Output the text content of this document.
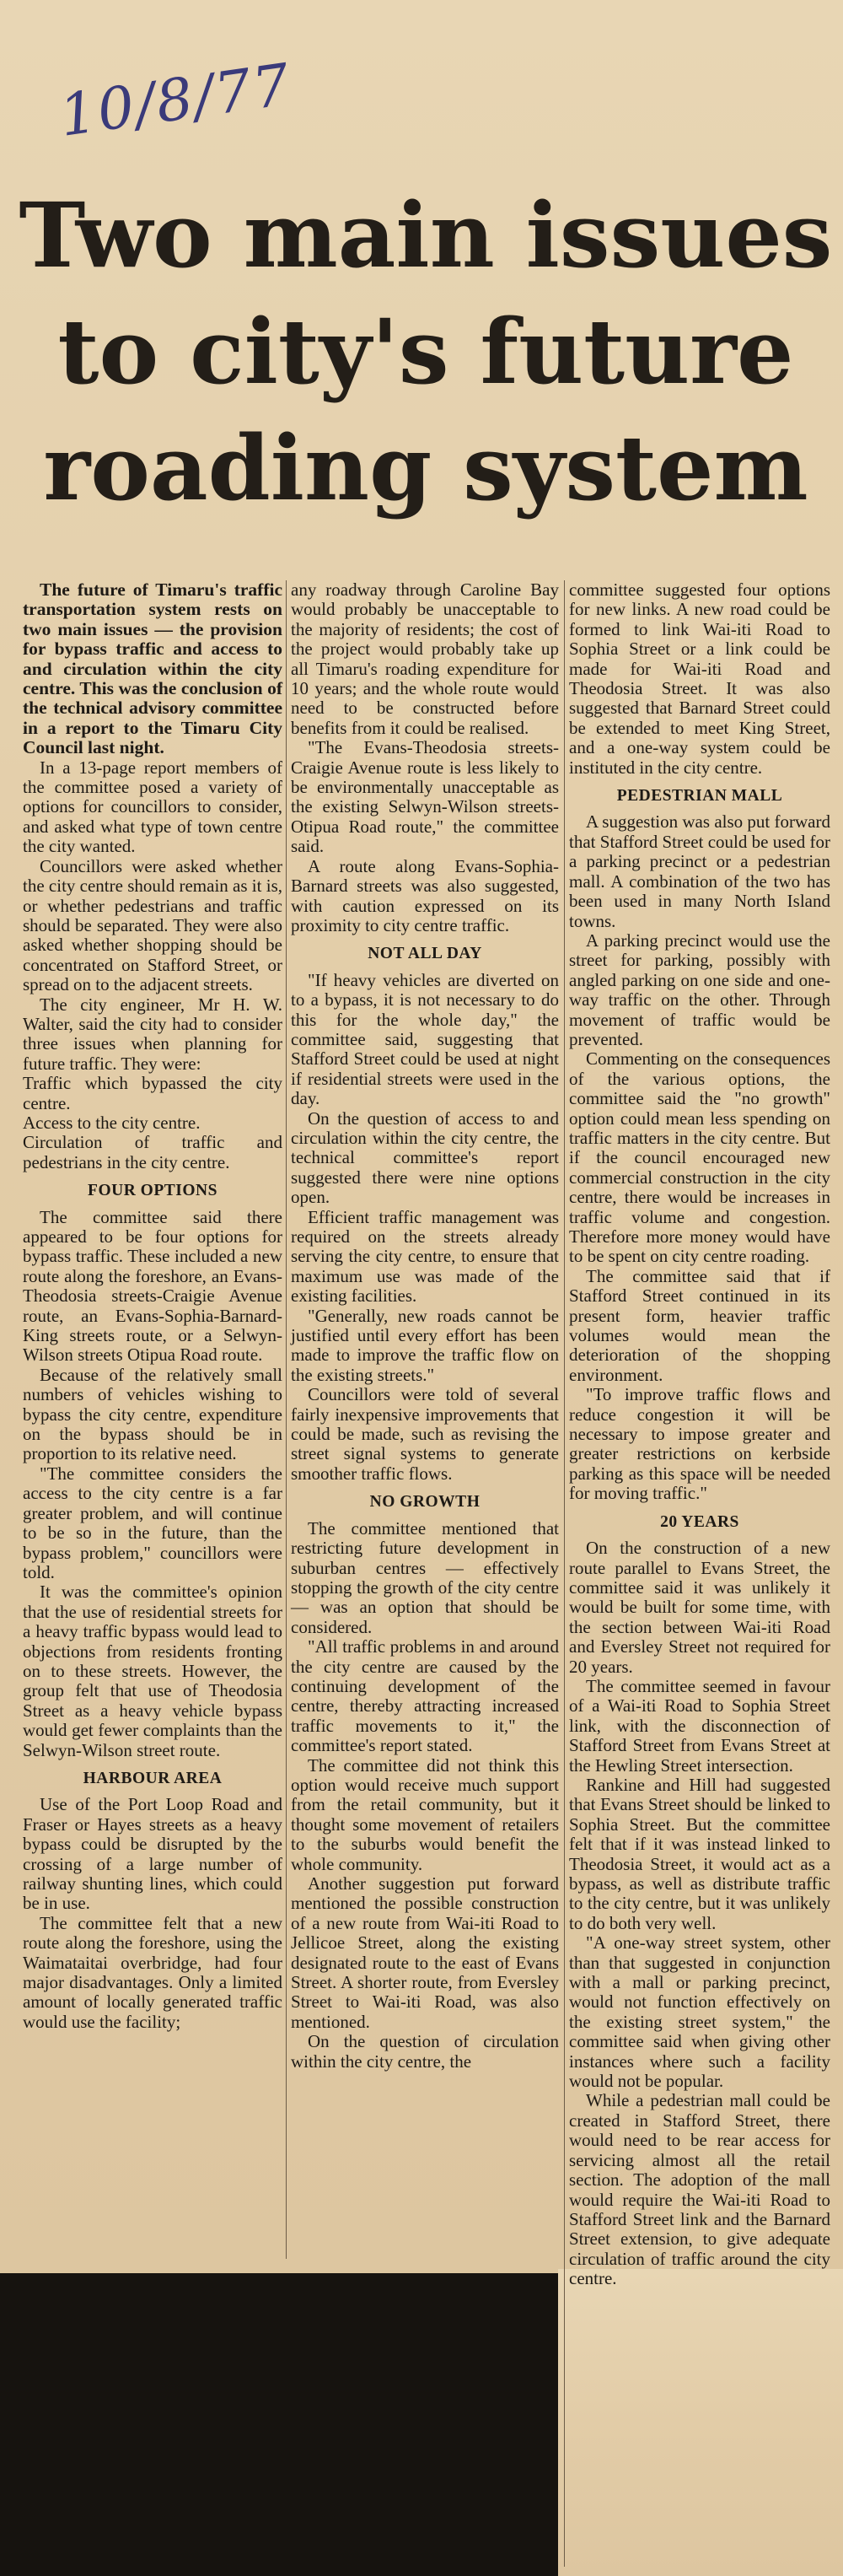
10/8/77
Two main issues
to city's future
roading system

The future of Timaru's traffic transportation system rests on two main issues — the provision for bypass traffic and access to and circulation within the city centre. This was the conclusion of the technical advisory committee in a report to the Timaru City Council last night.

In a 13-page report members of the committee posed a variety of options for councillors to consider, and asked what type of town centre the city wanted.

Councillors were asked whether the city centre should remain as it is, or whether pedestrians and traffic should be separated. They were also asked whether shopping should be concentrated on Stafford Street, or spread on to the adjacent streets.

The city engineer, Mr H. W. Walter, said the city had to consider three issues when planning for future traffic. They were:

Traffic which bypassed the city centre.

Access to the city centre.

Circulation of traffic and pedestrians in the city centre.

FOUR OPTIONS

The committee said there appeared to be four options for bypass traffic. These included a new route along the foreshore, an Evans-Theodosia streets-Craigie Avenue route, an Evans-Sophia-Barnard-King streets route, or a Selwyn-Wilson streets Otipua Road route.

Because of the relatively small numbers of vehicles wishing to bypass the city centre, expenditure on the bypass should be in proportion to its relative need.

"The committee considers the access to the city centre is a far greater problem, and will continue to be so in the future, than the bypass problem," councillors were told.

It was the committee's opinion that the use of residential streets for a heavy traffic bypass would lead to objections from residents fronting on to these streets. However, the group felt that use of Theodosia Street as a heavy vehicle bypass would get fewer complaints than the Selwyn-Wilson street route.

HARBOUR AREA

Use of the Port Loop Road and Fraser or Hayes streets as a heavy bypass could be disrupted by the crossing of a large number of railway shunting lines, which could be in use.

The committee felt that a new route along the foreshore, using the Waimataitai overbridge, had four major disadvantages. Only a limited amount of locally generated traffic would use the facility;

any roadway through Caroline Bay would probably be unacceptable to the majority of residents; the cost of the project would probably take up all Timaru's roading expenditure for 10 years; and the whole route would need to be constructed before benefits from it could be realised.

"The Evans-Theodosia streets-Craigie Avenue route is less likely to be environmentally unacceptable as the existing Selwyn-Wilson streets-Otipua Road route," the committee said.

A route along Evans-Sophia-Barnard streets was also suggested, with caution expressed on its proximity to city centre traffic.

NOT ALL DAY

"If heavy vehicles are diverted on to a bypass, it is not necessary to do this for the whole day," the committee said, suggesting that Stafford Street could be used at night if residential streets were used in the day.

On the question of access to and circulation within the city centre, the technical committee's report suggested there were nine options open.

Efficient traffic management was required on the streets already serving the city centre, to ensure that maximum use was made of the existing facilities.

"Generally, new roads cannot be justified until every effort has been made to improve the traffic flow on the existing streets."

Councillors were told of several fairly inexpensive improvements that could be made, such as revising the street signal systems to generate smoother traffic flows.

NO GROWTH

The committee mentioned that restricting future development in suburban centres — effectively stopping the growth of the city centre — was an option that should be considered.

"All traffic problems in and around the city centre are caused by the continuing development of the centre, thereby attracting increased traffic movements to it," the committee's report stated.

The committee did not think this option would receive much support from the retail community, but it thought some movement of retailers to the suburbs would benefit the whole community.

Another suggestion put forward mentioned the possible construction of a new route from Wai-iti Road to Jellicoe Street, along the existing designated route to the east of Evans Street. A shorter route, from Eversley Street to Wai-iti Road, was also mentioned.

On the question of circulation within the city centre, the

committee suggested four options for new links. A new road could be formed to link Wai-iti Road to Sophia Street or a link could be made for Wai-iti Road and Theodosia Street. It was also suggested that Barnard Street could be extended to meet King Street, and a one-way system could be instituted in the city centre.

PEDESTRIAN MALL

A suggestion was also put forward that Stafford Street could be used for a parking precinct or a pedestrian mall. A combination of the two has been used in many North Island towns.

A parking precinct would use the street for parking, possibly with angled parking on one side and one-way traffic on the other. Through movement of traffic would be prevented.

Commenting on the consequences of the various options, the committee said the "no growth" option could mean less spending on traffic matters in the city centre. But if the council encouraged new commercial construction in the city centre, there would be increases in traffic volume and congestion. Therefore more money would have to be spent on city centre roading.

The committee said that if Stafford Street continued in its present form, heavier traffic volumes would mean the deterioration of the shopping environment.

"To improve traffic flows and reduce congestion it will be necessary to impose greater and greater restrictions on kerbside parking as this space will be needed for moving traffic."

20 YEARS

On the construction of a new route parallel to Evans Street, the committee said it was unlikely it would be built for some time, with the section between Wai-iti Road and Eversley Street not required for 20 years.

The committee seemed in favour of a Wai-iti Road to Sophia Street link, with the disconnection of Stafford Street from Evans Street at the Hewling Street intersection.

Rankine and Hill had suggested that Evans Street should be linked to Sophia Street. But the committee felt that if it was instead linked to Theodosia Street, it would act as a bypass, as well as distribute traffic to the city centre, but it was unlikely to do both very well.

"A one-way street system, other than that suggested in conjunction with a mall or parking precinct, would not function effectively on the existing street system," the committee said when giving other instances where such a facility would not be popular.

While a pedestrian mall could be created in Stafford Street, there would need to be rear access for servicing almost all the retail section. The adoption of the mall would require the Wai-iti Road to Stafford Street link and the Barnard Street extension, to give adequate circulation of traffic around the city centre.
